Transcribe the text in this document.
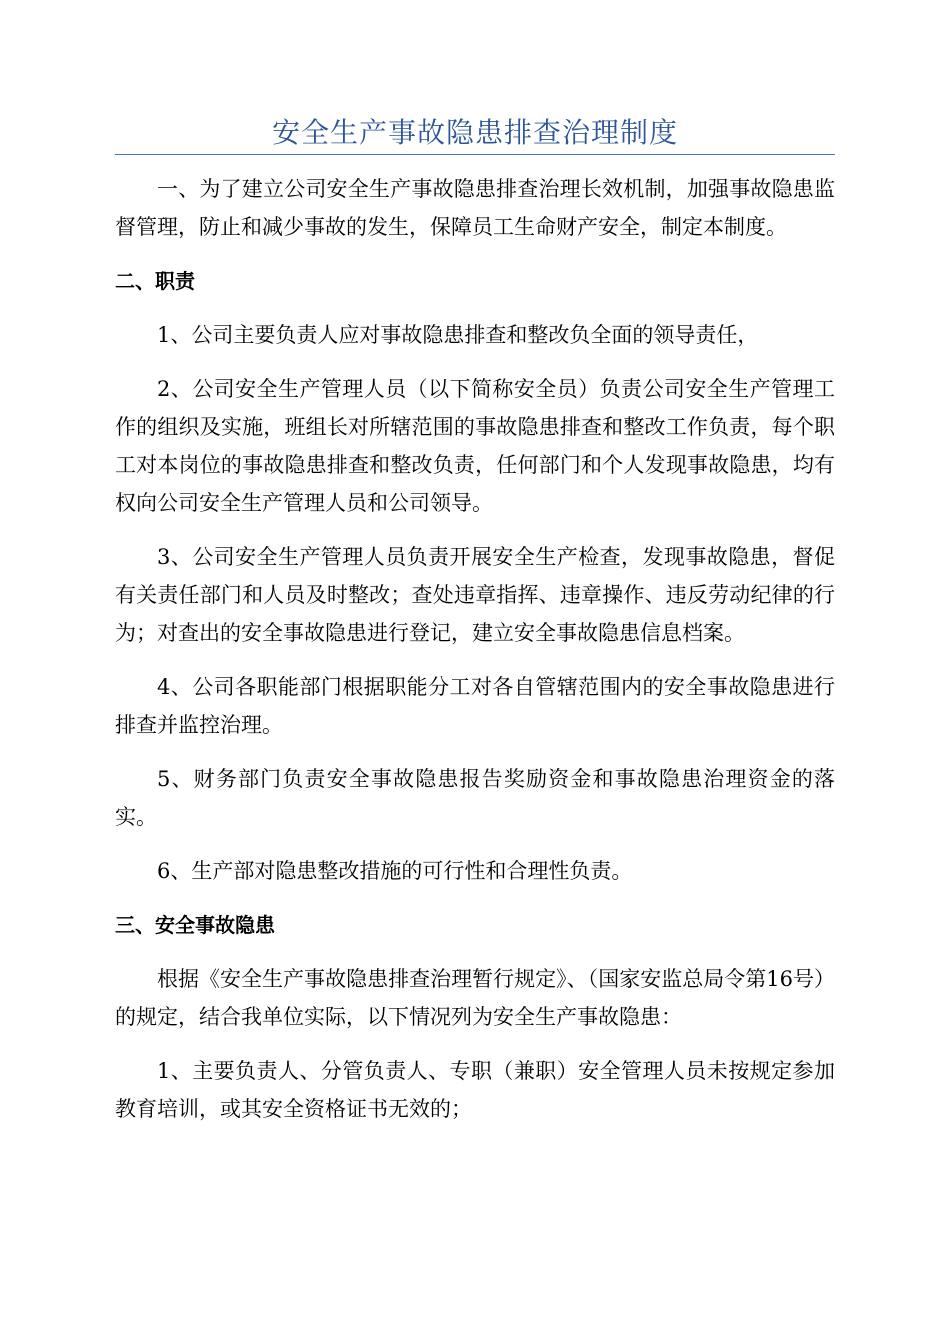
安全生产事故隐患排查治理制度

一、为了建立公司安全生产事故隐患排查治理长效机制，加强事故隐患监督管理，防止和减少事故的发生，保障员工生命财产安全，制定本制度。

二、职责

1、公司主要负责人应对事故隐患排查和整改负全面的领导责任，

2、公司安全生产管理人员（以下简称安全员）负责公司安全生产管理工作的组织及实施，班组长对所辖范围的事故隐患排查和整改工作负责，每个职工对本岗位的事故隐患排查和整改负责，任何部门和个人发现事故隐患，均有权向公司安全生产管理人员和公司领导。

3、公司安全生产管理人员负责开展安全生产检查，发现事故隐患，督促有关责任部门和人员及时整改；查处违章指挥、违章操作、违反劳动纪律的行为；对查出的安全事故隐患进行登记，建立安全事故隐患信息档案。

4、公司各职能部门根据职能分工对各自管辖范围内的安全事故隐患进行排查并监控治理。

5、财务部门负责安全事故隐患报告奖励资金和事故隐患治理资金的落实。

6、生产部对隐患整改措施的可行性和合理性负责。

三、安全事故隐患

根据《安全生产事故隐患排查治理暂行规定》、（国家安监总局令第16号）的规定，结合我单位实际，以下情况列为安全生产事故隐患：

1、主要负责人、分管负责人、专职（兼职）安全管理人员未按规定参加教育培训，或其安全资格证书无效的；
